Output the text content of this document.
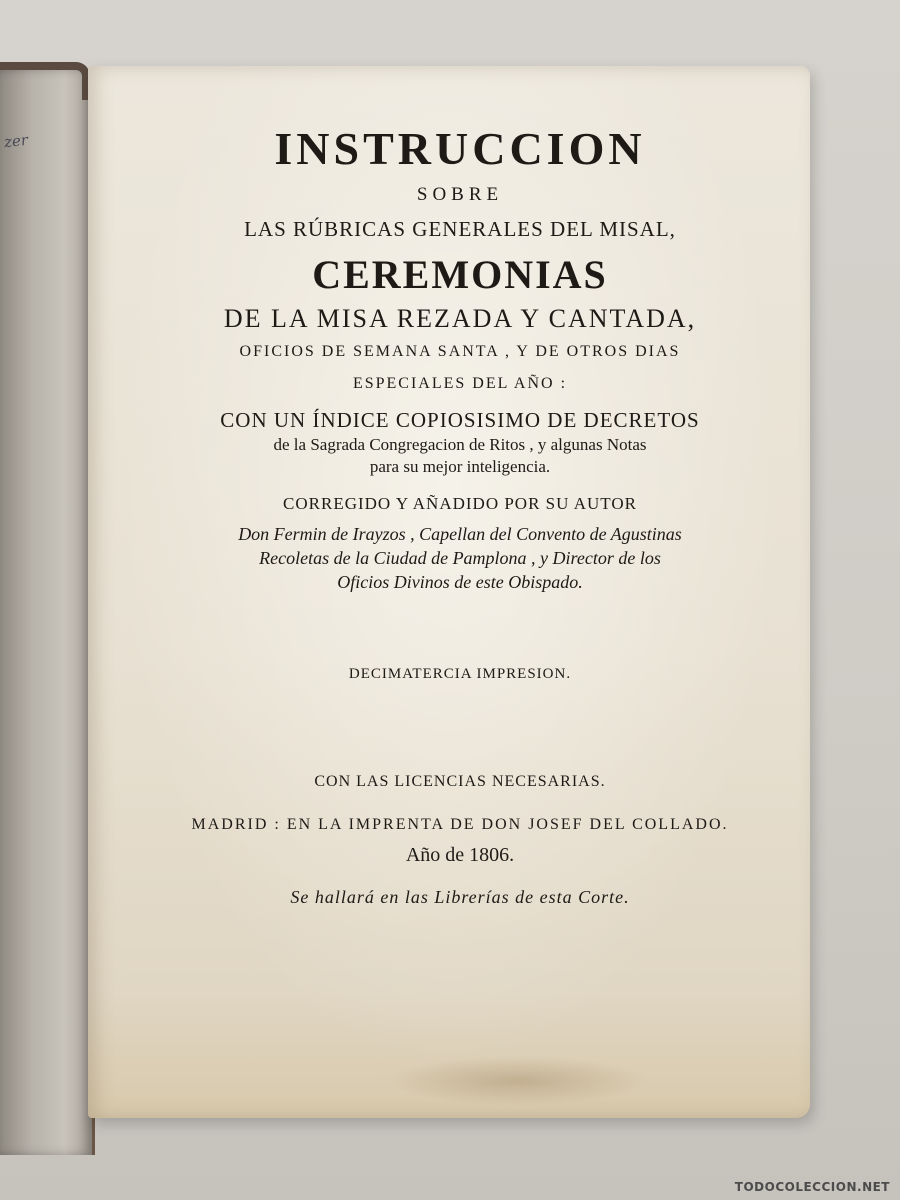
zer	INSTRUCCION
SOBRE
LAS RÚBRICAS GENERALES DEL MISAL,
CEREMONIAS
DE LA MISA REZADA Y CANTADA,
OFICIOS DE SEMANA SANTA , Y DE OTROS DIAS
ESPECIALES DEL AÑO :
CON UN ÍNDICE COPIOSISIMO DE DECRETOS
de la Sagrada Congregacion de Ritos , y algunas Notas
para su mejor inteligencia.
CORREGIDO Y AÑADIDO POR SU AUTOR
Don Fermin de Irayzos , Capellan del Convento de Agustinas
Recoletas de la Ciudad de Pamplona , y Director de los
Oficios Divinos de este Obispado.
DECIMATERCIA IMPRESION.
CON LAS LICENCIAS NECESARIAS.
MADRID : EN LA IMPRENTA DE DON JOSEF DEL COLLADO.
Año de 1806.
Se hallará en las Librerías de esta Corte.
TODOCOLECCION.NET
